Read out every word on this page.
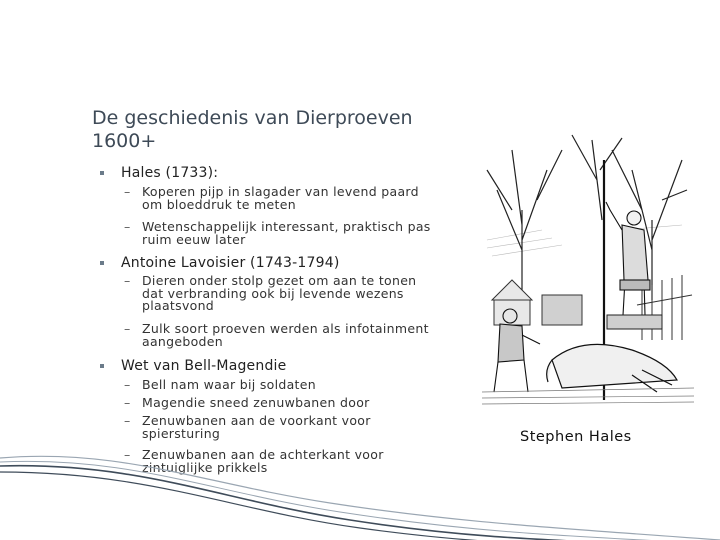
De geschiedenis van Dierproeven
1600+
Hales (1733):
– Koperen pijp in slagader van levend paard om bloeddruk te meten
– Wetenschappelijk interessant, praktisch pas ruim eeuw later
Antoine Lavoisier (1743-1794)
– Dieren onder stolp gezet om aan te tonen dat verbranding ook bij levende wezens plaatsvond
– Zulk soort proeven werden als infotainment aangeboden
Wet van Bell-Magendie
– Bell nam waar bij soldaten
– Magendie sneed zenuwbanen door
– Zenuwbanen aan de voorkant voor spiersturing
– Zenuwbanen aan de achterkant voor zintuiglijke prikkels
Stephen Hales
